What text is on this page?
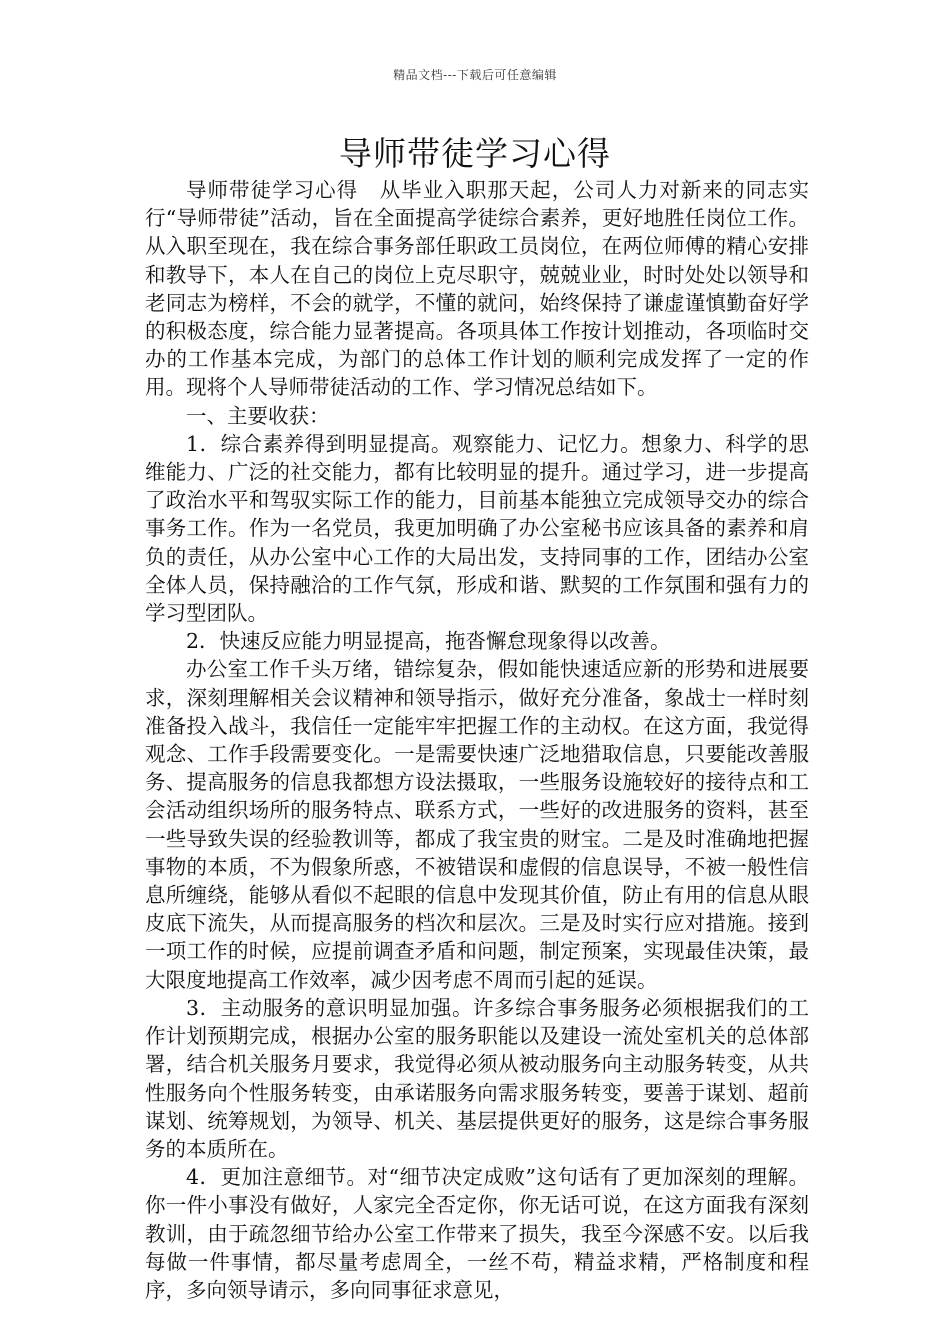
精品文档---下载后可任意编辑
导师带徒学习心得

导师带徒学习心得　从毕业入职那天起，公司人力对新来的同志实行“导师带徒”活动，旨在全面提高学徒综合素养，更好地胜任岗位工作。从入职至现在，我在综合事务部任职政工员岗位，在两位师傅的精心安排和教导下，本人在自己的岗位上克尽职守，兢兢业业，时时处处以领导和老同志为榜样，不会的就学，不懂的就问，始终保持了谦虚谨慎勤奋好学的积极态度，综合能力显著提高。各项具体工作按计划推动，各项临时交办的工作基本完成，为部门的总体工作计划的顺利完成发挥了一定的作用。现将个人导师带徒活动的工作、学习情况总结如下。

一、主要收获：

1．综合素养得到明显提高。观察能力、记忆力。想象力、科学的思维能力、广泛的社交能力，都有比较明显的提升。通过学习，进一步提高了政治水平和驾驭实际工作的能力，目前基本能独立完成领导交办的综合事务工作。作为一名党员，我更加明确了办公室秘书应该具备的素养和肩负的责任，从办公室中心工作的大局出发，支持同事的工作，团结办公室全体人员，保持融洽的工作气氛，形成和谐、默契的工作氛围和强有力的学习型团队。

2．快速反应能力明显提高，拖沓懈怠现象得以改善。

办公室工作千头万绪，错综复杂，假如能快速适应新的形势和进展要求，深刻理解相关会议精神和领导指示，做好充分准备，象战士一样时刻准备投入战斗，我信任一定能牢牢把握工作的主动权。在这方面，我觉得观念、工作手段需要变化。一是需要快速广泛地猎取信息，只要能改善服务、提高服务的信息我都想方设法摄取，一些服务设施较好的接待点和工会活动组织场所的服务特点、联系方式，一些好的改进服务的资料，甚至一些导致失误的经验教训等，都成了我宝贵的财宝。二是及时准确地把握事物的本质，不为假象所惑，不被错误和虚假的信息误导，不被一般性信息所缠绕，能够从看似不起眼的信息中发现其价值，防止有用的信息从眼皮底下流失，从而提高服务的档次和层次。三是及时实行应对措施。接到一项工作的时候，应提前调查矛盾和问题，制定预案，实现最佳决策，最大限度地提高工作效率，减少因考虑不周而引起的延误。

3．主动服务的意识明显加强。许多综合事务服务必须根据我们的工作计划预期完成，根据办公室的服务职能以及建设一流处室机关的总体部署，结合机关服务月要求，我觉得必须从被动服务向主动服务转变，从共性服务向个性服务转变，由承诺服务向需求服务转变，要善于谋划、超前谋划、统筹规划，为领导、机关、基层提供更好的服务，这是综合事务服务的本质所在。

4．更加注意细节。对“细节决定成败”这句话有了更加深刻的理解。你一件小事没有做好，人家完全否定你，你无话可说，在这方面我有深刻教训，由于疏忽细节给办公室工作带来了损失，我至今深感不安。以后我每做一件事情，都尽量考虑周全，一丝不苟，精益求精，严格制度和程序，多向领导请示，多向同事征求意见，
